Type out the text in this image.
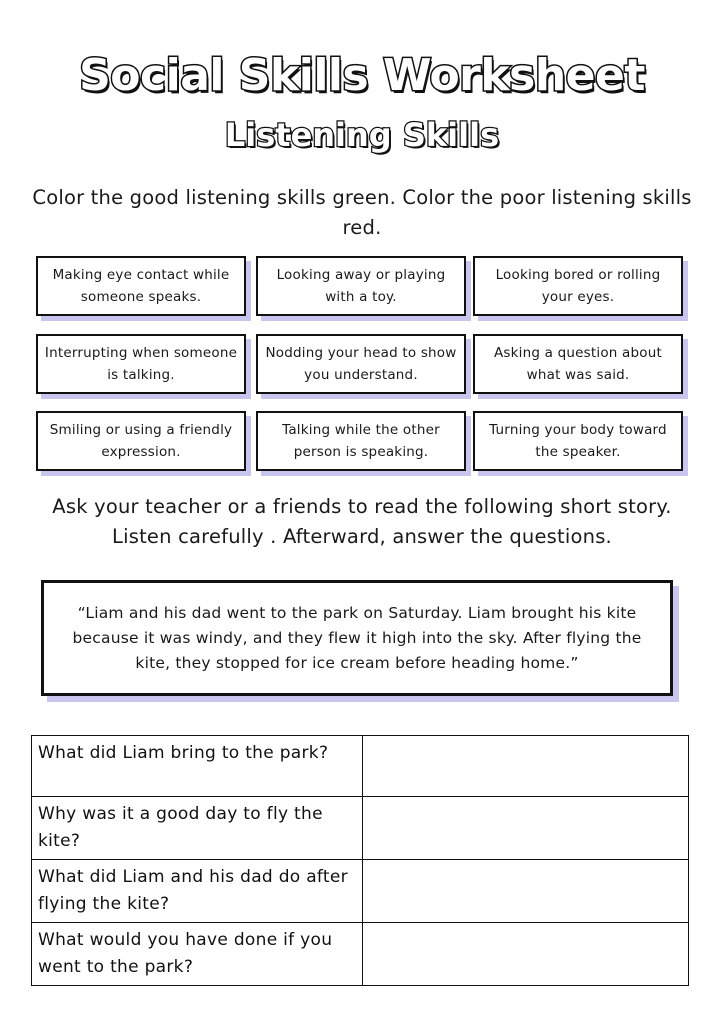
Social Skills Worksheet
Listening Skills
Color the good listening skills green. Color the poor listening skills red.
Making eye contact while someone speaks.
Looking away or playing with a toy.
Looking bored or rolling your eyes.
Interrupting when someone is talking.
Nodding your head to show you understand.
Asking a question about what was said.
Smiling or using a friendly expression.
Talking while the other person is speaking.
Turning your body toward the speaker.
Ask your teacher or a friends to read the following short story. Listen carefully . Afterward, answer the questions.
“Liam and his dad went to the park on Saturday. Liam brought his kite because it was windy, and they flew it high into the sky. After flying the kite, they stopped for ice cream before heading home.”
What did Liam bring to the park?	
Why was it a good day to fly the kite?	
What did Liam and his dad do after flying the kite?	
What would you have done if you went to the park?	
